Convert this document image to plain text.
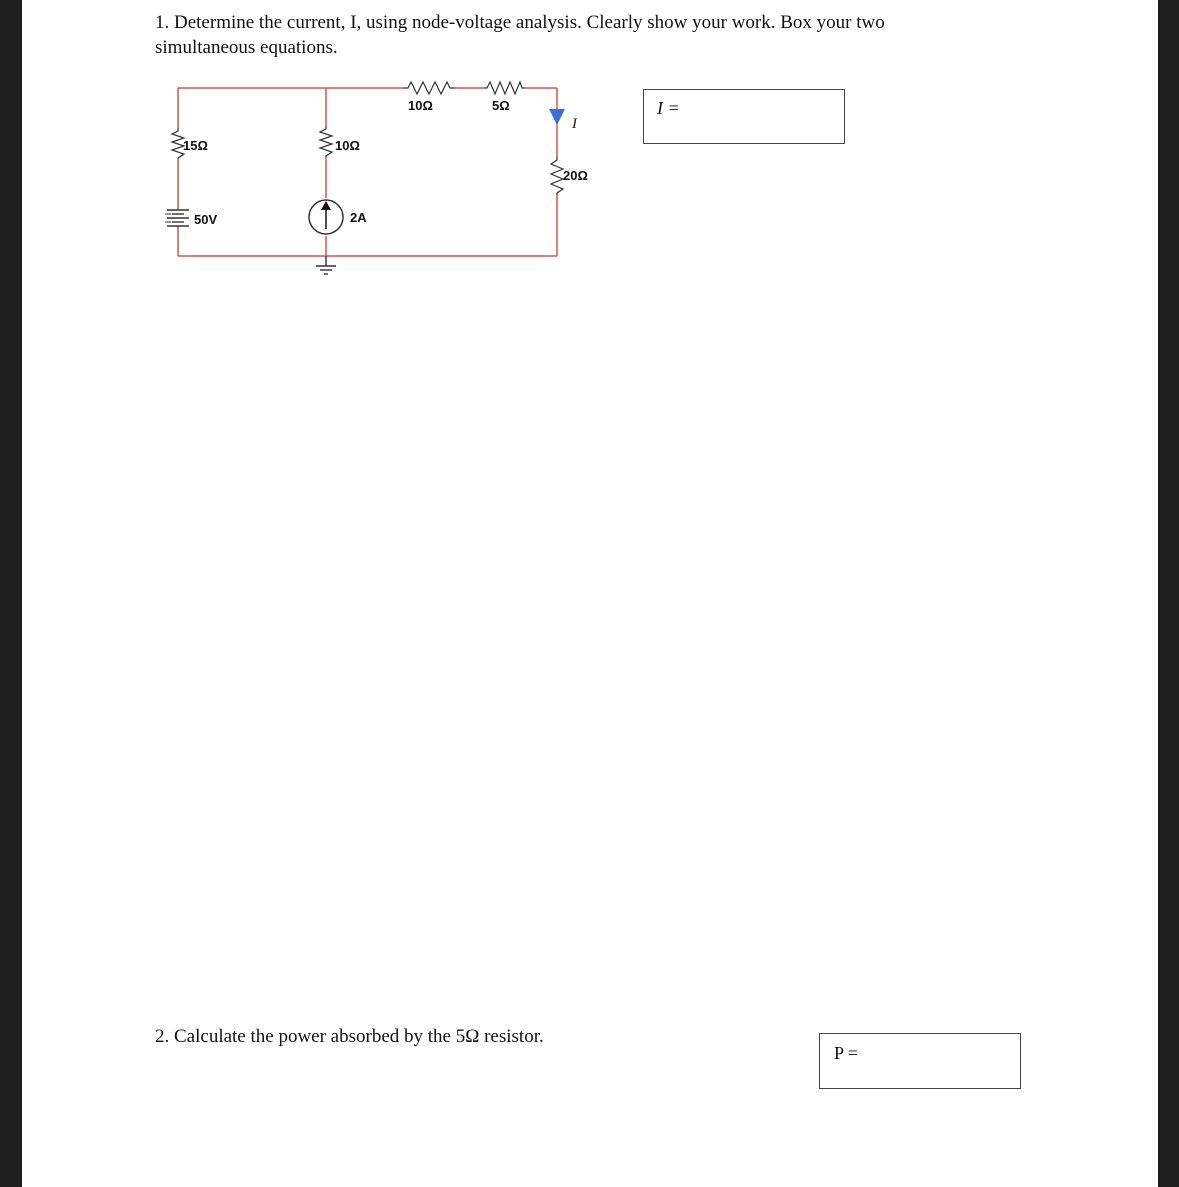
1. Determine the current, I, using node-voltage analysis. Clearly show your work. Box your two simultaneous equations.

10Ω	5Ω
15Ω	10Ω
20Ω
50V	2A
I
I =

2. Calculate the power absorbed by the 5Ω resistor.

P =
